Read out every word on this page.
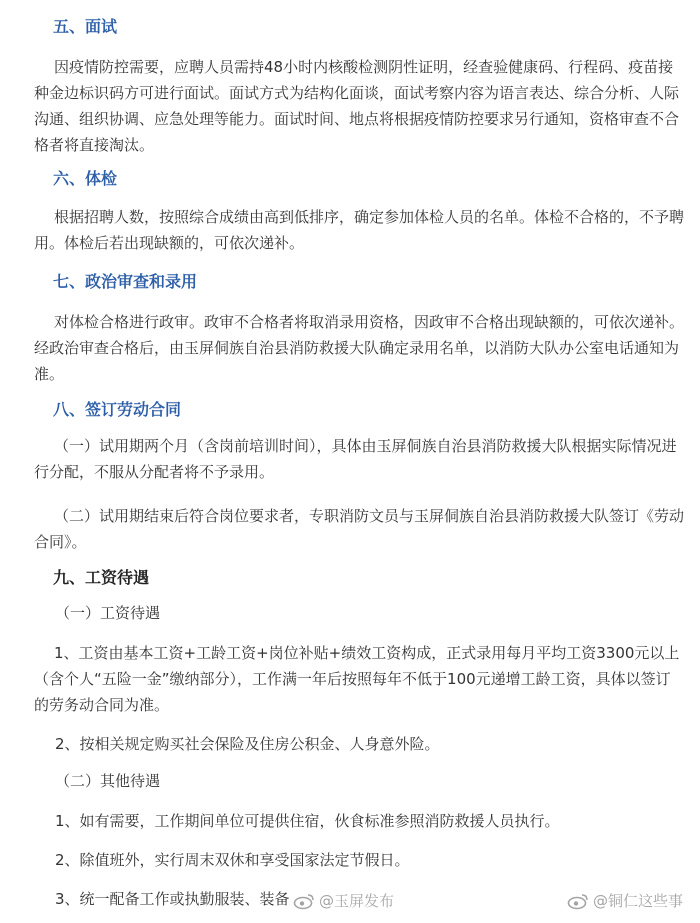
五、面试
因疫情防控需要，应聘人员需持48小时内核酸检测阴性证明，经查验健康码、行程码、疫苗接种金边标识码方可进行面试。面试方式为结构化面谈，面试考察内容为语言表达、综合分析、人际沟通、组织协调、应急处理等能力。面试时间、地点将根据疫情防控要求另行通知，资格审查不合格者将直接淘汰。
六、体检
根据招聘人数，按照综合成绩由高到低排序，确定参加体检人员的名单。体检不合格的，不予聘用。体检后若出现缺额的，可依次递补。
七、政治审查和录用
对体检合格进行政审。政审不合格者将取消录用资格，因政审不合格出现缺额的，可依次递补。经政治审查合格后，由玉屏侗族自治县消防救援大队确定录用名单，以消防大队办公室电话通知为准。
八、签订劳动合同
（一）试用期两个月（含岗前培训时间），具体由玉屏侗族自治县消防救援大队根据实际情况进行分配，不服从分配者将不予录用。
（二）试用期结束后符合岗位要求者，专职消防文员与玉屏侗族自治县消防救援大队签订《劳动合同》。
九、工资待遇
（一）工资待遇
1、工资由基本工资+工龄工资+岗位补贴+绩效工资构成，正式录用每月平均工资3300元以上（含个人“五险一金”缴纳部分），工作满一年后按照每年不低于100元递增工龄工资，具体以签订的劳务动合同为准。
2、按相关规定购买社会保险及住房公积金、人身意外险。
（二）其他待遇
1、如有需要，工作期间单位可提供住宿，伙食标准参照消防救援人员执行。
2、除值班外，实行周末双休和享受国家法定节假日。
3、统一配备工作或执勤服装、装备 @玉屏发布	@铜仁这些事
